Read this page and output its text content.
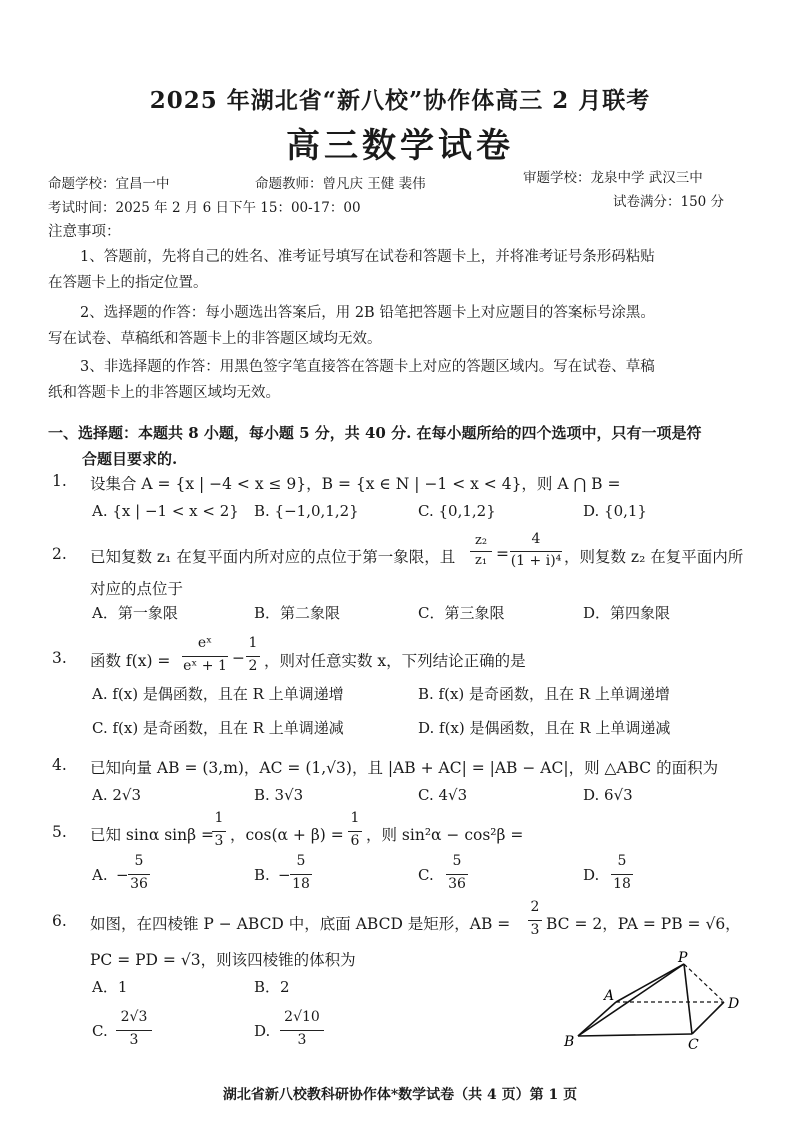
2025 年湖北省“新八校”协作体高三 2 月联考
高三数学试卷
命题学校：宜昌一中	命题教师：曾凡庆 王健 裴伟	审题学校：龙泉中学 武汉三中
考试时间：2025 年 2 月 6 日下午 15：00-17：00	试卷满分：150 分
注意事项：
1、答题前，先将自己的姓名、准考证号填写在试卷和答题卡上，并将准考证号条形码粘贴
在答题卡上的指定位置。
2、选择题的作答：每小题选出答案后，用 2B 铅笔把答题卡上对应题目的答案标号涂黑。
写在试卷、草稿纸和答题卡上的非答题区域均无效。
3、非选择题的作答：用黑色签字笔直接答在答题卡上对应的答题区域内。写在试卷、草稿
纸和答题卡上的非答题区域均无效。
一、选择题：本题共 8 小题，每小题 5 分，共 40 分. 在每小题所给的四个选项中，只有一项是符
合题目要求的.
1. 设集合 A = {x | −4 < x ≤ 9}，B = {x ∈ N | −1 < x < 4}，则 A ⋂ B =
A. {x | −1 < x < 2} B. {−1,0,1,2}	C. {0,1,2}	D. {0,1}
2. 已知复数 z₁ 在复平面内所对应的点位于第一象限，且
z₂
z₁ =
4
(1 + i)⁴ ，则复数 z₂ 在复平面内所
对应的点位于
A．第一象限	B．第二象限	C．第三象限	D．第四象限
3. 函数 f(x) =
eˣ
eˣ + 1 −
1
2 ，则对任意实数 x，下列结论正确的是
A. f(x) 是偶函数，且在 R 上单调递增	B. f(x) 是奇函数，且在 R 上单调递增
C. f(x) 是奇函数，且在 R 上单调递减	D. f(x) 是偶函数，且在 R 上单调递减
4. 已知向量 AB = (3,m)，AC = (1,√3)，且 |AB + AC| = |AB − AC|，则 △ABC 的面积为
A. 2√3	B. 3√3	C. 4√3	D. 6√3
5. 已知 sinα sinβ =
1
3 ，cos(α + β) =
1
6 ，则 sin²α − cos²β =
A. −
5
36	B. −
5
18	C.
5
36	D.
5
18
6. 如图，在四棱锥 P − ABCD 中，底面 ABCD 是矩形，AB =
2
3 BC = 2，PA = PB = √6，
PC = PD = √3，则该四棱锥的体积为
A．1	B．2
C.
2√3
3	D.
2√10
3
P
A
B	C
D
湖北省新八校教科研协作体*数学试卷（共 4 页）第 1 页
